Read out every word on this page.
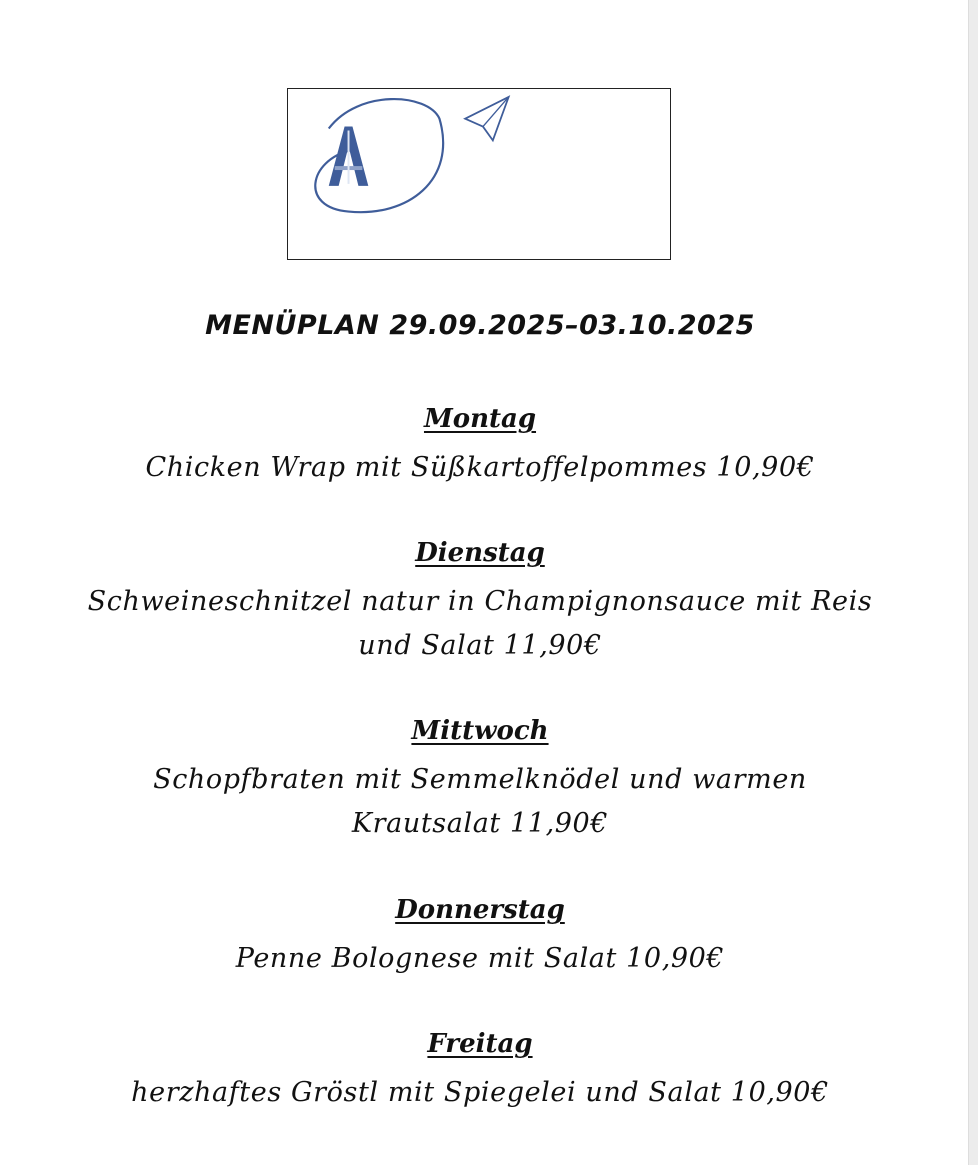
MENÜPLAN 29.09.2025–03.10.2025
Montag
Chicken Wrap mit Süßkartoffelpommes 10,90€
Dienstag
Schweineschnitzel natur in Champignonsauce mit Reis und Salat 11,90€
Mittwoch
Schopfbraten mit Semmelknödel und warmen Krautsalat 11,90€
Donnerstag
Penne Bolognese mit Salat 10,90€
Freitag
herzhaftes Gröstl mit Spiegelei und Salat 10,90€
